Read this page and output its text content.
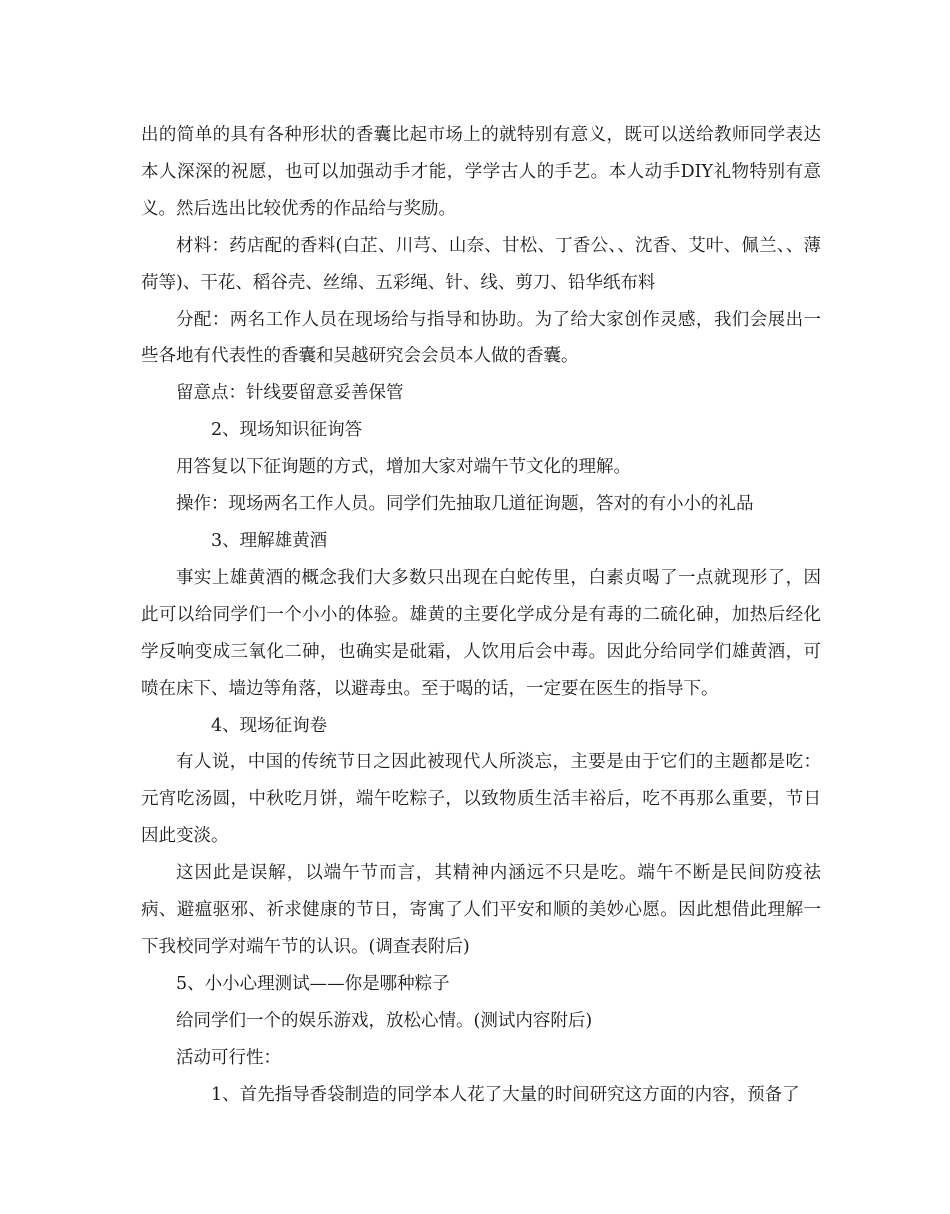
出的简单的具有各种形状的香囊比起市场上的就特别有意义，既可以送给教师同学表达本人深深的祝愿，也可以加强动手才能，学学古人的手艺。本人动手DIY礼物特别有意义。然后选出比较优秀的作品给与奖励。

材料：药店配的香料(白芷、川芎、山奈、甘松、丁香公、、沈香、艾叶、佩兰、、薄荷等)、干花、稻谷壳、丝绵、五彩绳、针、线、剪刀、铅华纸布料

分配：两名工作人员在现场给与指导和协助。为了给大家创作灵感，我们会展出一些各地有代表性的香囊和吴越研究会会员本人做的香囊。

留意点：针线要留意妥善保管

2、现场知识征询答

用答复以下征询题的方式，增加大家对端午节文化的理解。

操作：现场两名工作人员。同学们先抽取几道征询题，答对的有小小的礼品

3、理解雄黄酒

事实上雄黄酒的概念我们大多数只出现在白蛇传里，白素贞喝了一点就现形了，因此可以给同学们一个小小的体验。雄黄的主要化学成分是有毒的二硫化砷，加热后经化学反响变成三氧化二砷，也确实是砒霜，人饮用后会中毒。因此分给同学们雄黄酒，可喷在床下、墙边等角落，以避毒虫。至于喝的话，一定要在医生的指导下。

4、现场征询卷

有人说，中国的传统节日之因此被现代人所淡忘，主要是由于它们的主题都是吃：元宵吃汤圆，中秋吃月饼，端午吃粽子，以致物质生活丰裕后，吃不再那么重要，节日因此变淡。

这因此是误解，以端午节而言，其精神内涵远不只是吃。端午不断是民间防疫祛病、避瘟驱邪、祈求健康的节日，寄寓了人们平安和顺的美妙心愿。因此想借此理解一下我校同学对端午节的认识。(调查表附后)

5、小小心理测试——你是哪种粽子

给同学们一个的娱乐游戏，放松心情。(测试内容附后)

活动可行性：

1、首先指导香袋制造的同学本人花了大量的时间研究这方面的内容，预备了
